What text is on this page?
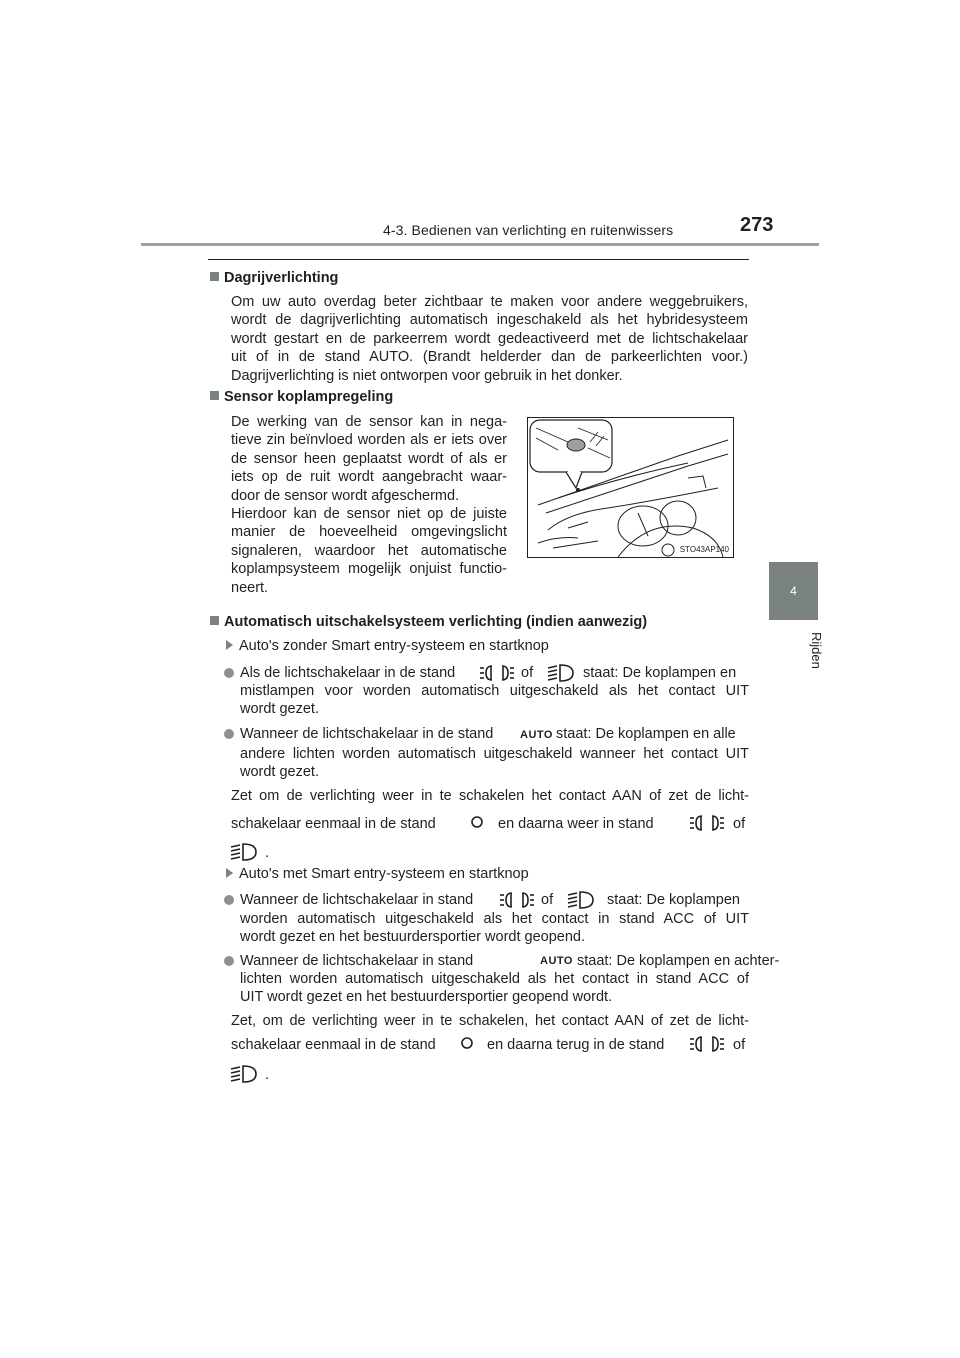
4-3. Bedienen van verlichting en ruitenwissers	273
4
Rijden
Dagrijverlichting
Om uw auto overdag beter zichtbaar te maken voor andere weggebruikers,
wordt de dagrijverlichting automatisch ingeschakeld als het hybridesysteem
wordt gestart en de parkeerrem wordt gedeactiveerd met de lichtschakelaar
uit of in de stand AUTO. (Brandt helderder dan de parkeerlichten voor.)
Dagrijverlichting is niet ontworpen voor gebruik in het donker.
Sensor koplampregeling
De werking van de sensor kan in nega-
tieve zin beïnvloed worden als er iets over
de sensor heen geplaatst wordt of als er
iets op de ruit wordt aangebracht waar-
door de sensor wordt afgeschermd.
Hierdoor kan de sensor niet op de juiste
manier de hoeveelheid omgevingslicht
signaleren, waardoor het automatische
koplampsysteem mogelijk onjuist functio-
neert.
STO43AP140
Automatisch uitschakelsysteem verlichting (indien aanwezig)
Auto's zonder Smart entry-systeem en startknop
Als de lichtschakelaar in de stand	of	staat: De koplampen en
mistlampen voor worden automatisch uitgeschakeld als het contact UIT
wordt gezet.
Wanneer de lichtschakelaar in de stand	staat: De koplampen en alle
andere lichten worden automatisch uitgeschakeld wanneer het contact UIT
wordt gezet.
Zet om de verlichting weer in te schakelen het contact AAN of zet de licht-
schakelaar eenmaal in de stand	en daarna weer in stand	of
.
Auto's met Smart entry-systeem en startknop
Wanneer de lichtschakelaar in stand	of	staat: De koplampen
worden automatisch uitgeschakeld als het contact in stand ACC of UIT
wordt gezet en het bestuurdersportier wordt geopend.
Wanneer de lichtschakelaar in stand	staat: De koplampen en achter-
lichten worden automatisch uitgeschakeld als het contact in stand ACC of
UIT wordt gezet en het bestuurdersportier geopend wordt.
Zet, om de verlichting weer in te schakelen, het contact AAN of zet de licht-
schakelaar eenmaal in de stand	en daarna terug in de stand	of
.
AUTO
AUTO
